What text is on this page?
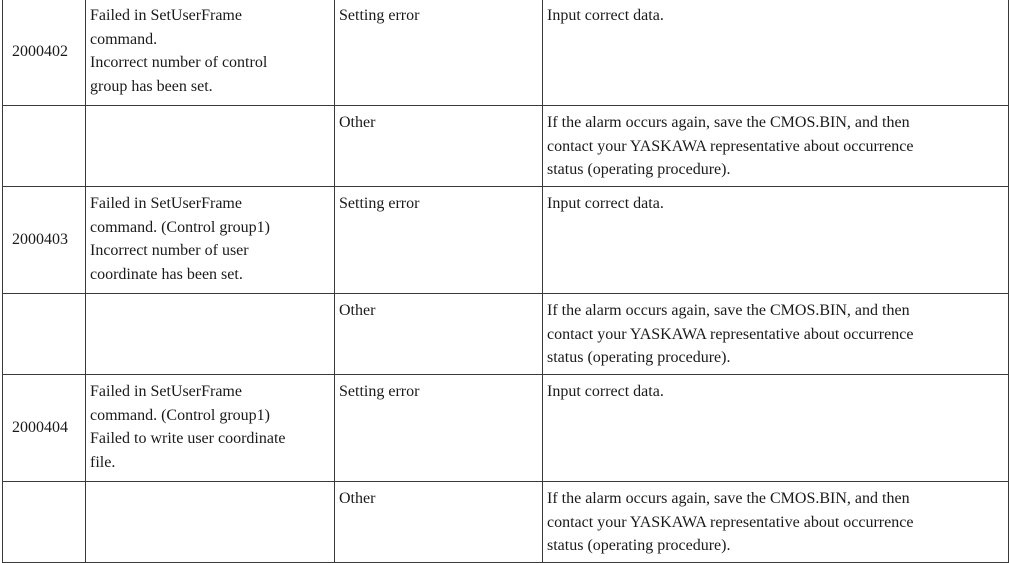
2000402	Failed in SetUserFrame
command.
Incorrect number of control
group has been set.	Setting error	Input correct data.

		Other	If the alarm occurs again, save the CMOS.BIN, and then
contact your YASKAWA representative about occurrence
status (operating procedure).

2000403	Failed in SetUserFrame
command. (Control group1)
Incorrect number of user
coordinate has been set.	Setting error	Input correct data.

		Other	If the alarm occurs again, save the CMOS.BIN, and then
contact your YASKAWA representative about occurrence
status (operating procedure).

2000404	Failed in SetUserFrame
command. (Control group1)
Failed to write user coordinate
file.	Setting error	Input correct data.

		Other	If the alarm occurs again, save the CMOS.BIN, and then
contact your YASKAWA representative about occurrence
status (operating procedure).
